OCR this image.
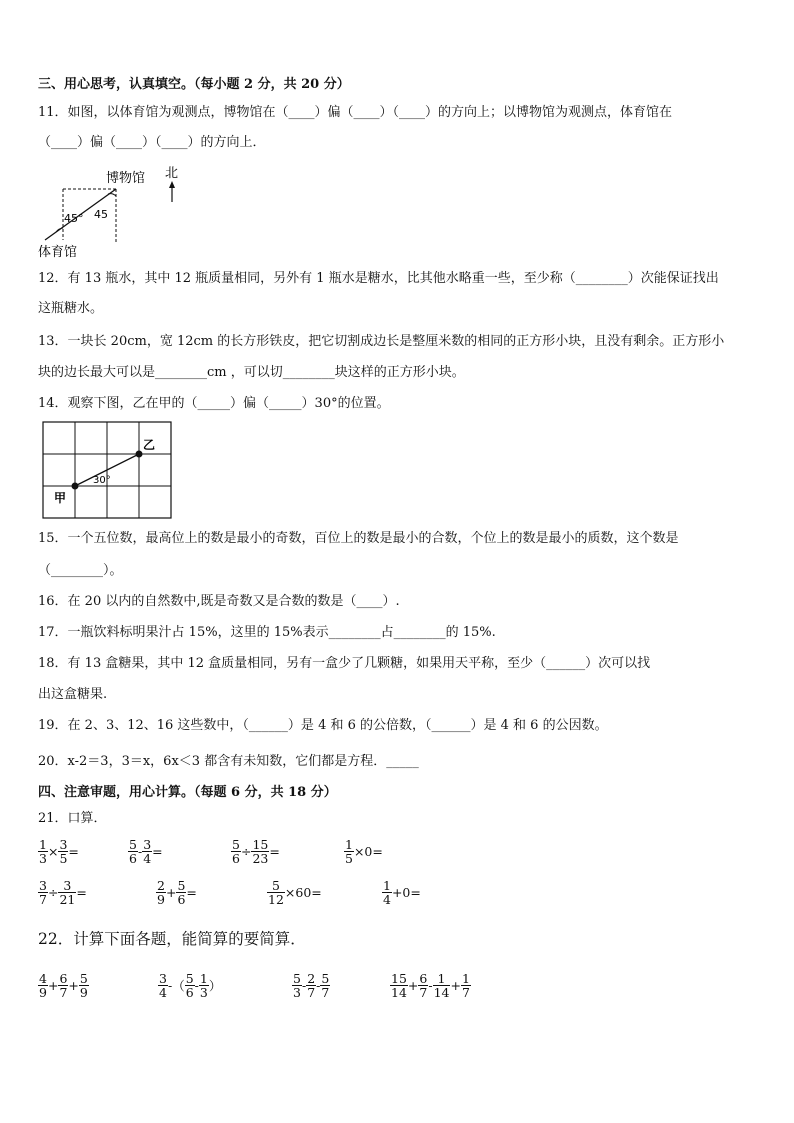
三、用心思考，认真填空。（每小题 2 分，共 20 分）
11．如图，以体育馆为观测点，博物馆在（____）偏（____）（____）的方向上；以博物馆为观测点，体育馆在
（____）偏（____）（____）的方向上．
博物馆
体育馆
45° 45
北
12．有 13 瓶水，其中 12 瓶质量相同，另外有 1 瓶水是糖水，比其他水略重一些，至少称（________）次能保证找出
这瓶糖水。
13．一块长 20cm，宽 12cm 的长方形铁皮，把它切割成边长是整厘米数的相同的正方形小块，且没有剩余。正方形小
块的边长最大可以是________cm ，可以切________块这样的正方形小块。
14．观察下图，乙在甲的（_____）偏（_____）30°的位置。
甲
乙
30°
15．一个五位数，最高位上的数是最小的奇数，百位上的数是最小的合数，个位上的数是最小的质数，这个数是
（________）。
16．在 20 以内的自然数中,既是奇数又是合数的数是（____）.
17．一瓶饮料标明果汁占 15%，这里的 15%表示________占________的 15%.
18．有 13 盒糖果，其中 12 盒质量相同，另有一盒少了几颗糖，如果用天平称，至少（______）次可以找
出这盒糖果.
19．在 2、3、12、16 这些数中，（______）是 4 和 6 的公倍数，（______）是 4 和 6 的公因数。
20．x-2＝3，3＝x，6x＜3 都含有未知数，它们都是方程．_____
四、注意审题，用心计算。（每题 6 分，共 18 分）
21．口算．
$\frac{1}{3} \times \frac{3}{5}$ =	$\frac{5}{6} - \frac{3}{4}$ =	$\frac{5}{6} \div \frac{15}{23}$ =	$\frac{1}{5} \times 0=$
$\frac{3}{7} \div \frac{3}{21}$ =	$\frac{2}{9} + \frac{5}{6}$ =	$\frac{5}{12} \times 60=$	$\frac{1}{4} +0=$
22．计算下面各题，能简算的要简算．
$\frac{4}{9} + \frac{6}{7} + \frac{5}{9}$	$\frac{3}{4}$ -（ $\frac{5}{6} - \frac{1}{3}$ ）	$\frac{5}{3} - \frac{2}{7} - \frac{5}{7}$	$\frac{15}{14} + \frac{6}{7} - \frac{1}{14} + \frac{1}{7}$
